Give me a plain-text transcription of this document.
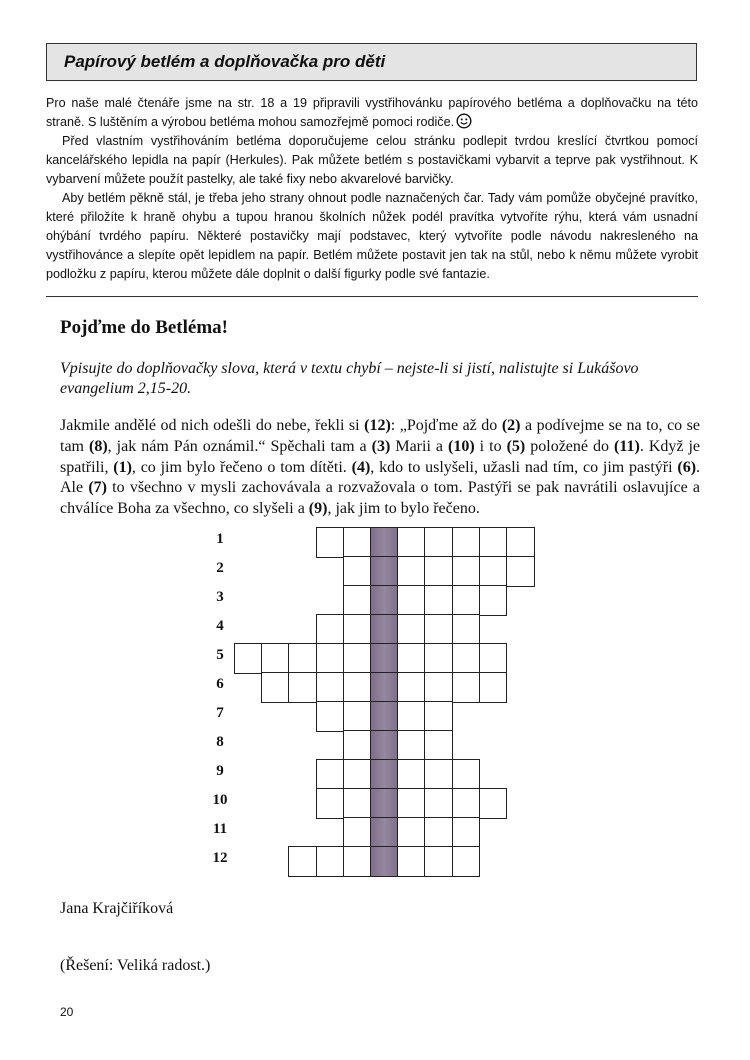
Papírový betlém a doplňovačka pro děti

Pro naše malé čtenáře jsme na str. 18 a 19 připravili vystřihovánku papírového betléma a doplňovačku na této straně. S luštěním a výrobou betléma mohou samozřejmě pomoci rodiče.

Před vlastním vystřihováním betléma doporučujeme celou stránku podlepit tvrdou kreslící čtvrtkou pomocí kancelářského lepidla na papír (Herkules). Pak můžete betlém s postavičkami vybarvit a teprve pak vystřihnout. K vybarvení můžete použít pastelky, ale také fixy nebo akvarelové barvičky.

Aby betlém pěkně stál, je třeba jeho strany ohnout podle naznačených čar. Tady vám pomůže obyčejné pravítko, které přiložíte k hraně ohybu a tupou hranou školních nůžek podél pravítka vytvoříte rýhu, která vám usnadní ohýbání tvrdého papíru. Některé postavičky mají podstavec, který vytvoříte podle návodu nakresleného na vystřihovánce a slepíte opět lepidlem na papír. Betlém můžete postavit jen tak na stůl, nebo k němu můžete vyrobit podložku z papíru, kterou můžete dále doplnit o další figurky podle své fantazie.

Pojďme do Betléma!
Vpisujte do doplňovačky slova, která v textu chybí – nejste-li si jistí, nalistujte si Lukášovo evangelium 2,15-20.
Jakmile andělé od nich odešli do nebe, řekli si (12): „Pojďme až do (2) a podívejme se na to, co se tam (8), jak nám Pán oznámil.“ Spěchali tam a (3) Marii a (10) i to (5) položené do (11). Když je spatřili, (1), co jim bylo řečeno o tom dítěti. (4), kdo to uslyšeli, užasli nad tím, co jim pastýři (6). Ale (7) to všechno v mysli zachovávala a rozvažovala o tom. Pastýři se pak navrátili oslavujíce a chválíce Boha za všechno, co slyšeli a (9), jak jim to bylo řečeno.
1
2
3
4
5
6
7
8
9
10
11
12
Jana Krajčiříková
(Řešení: Veliká radost.)
20
